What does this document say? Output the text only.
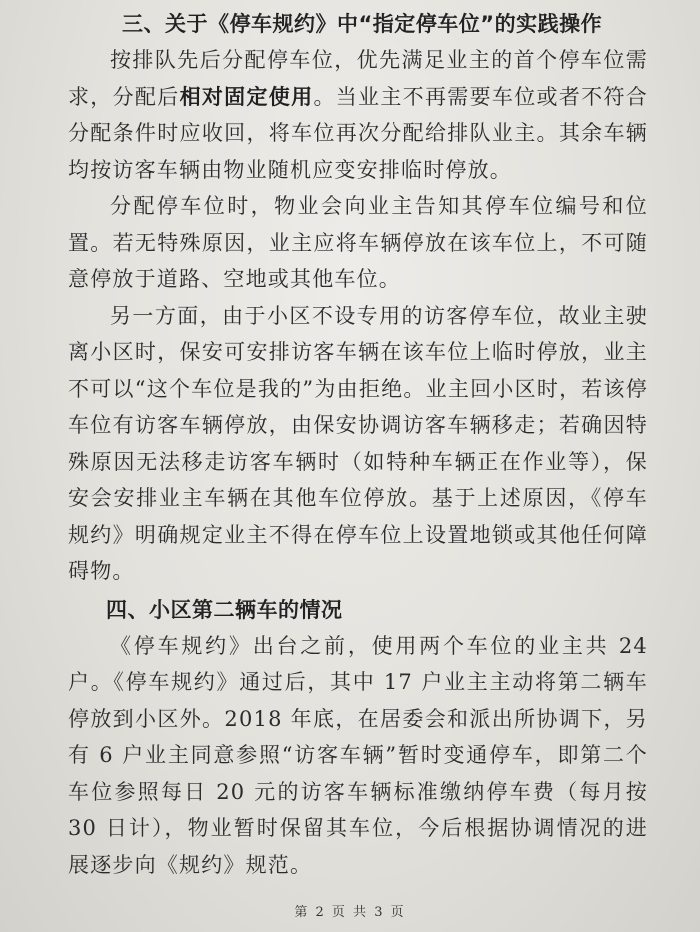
三、关于《停车规约》中“指定停车位”的实践操作

按排队先后分配停车位，优先满足业主的首个停车位需求，分配后相对固定使用。当业主不再需要车位或者不符合分配条件时应收回，将车位再次分配给排队业主。其余车辆均按访客车辆由物业随机应变安排临时停放。

分配停车位时，物业会向业主告知其停车位编号和位置。若无特殊原因，业主应将车辆停放在该车位上，不可随意停放于道路、空地或其他车位。

另一方面，由于小区不设专用的访客停车位，故业主驶离小区时，保安可安排访客车辆在该车位上临时停放，业主不可以“这个车位是我的”为由拒绝。业主回小区时，若该停车位有访客车辆停放，由保安协调访客车辆移走；若确因特殊原因无法移走访客车辆时（如特种车辆正在作业等），保安会安排业主车辆在其他车位停放。基于上述原因，《停车规约》明确规定业主不得在停车位上设置地锁或其他任何障碍物。

四、小区第二辆车的情况

《停车规约》出台之前，使用两个车位的业主共 24 户。《停车规约》通过后，其中 17 户业主主动将第二辆车停放到小区外。2018 年底，在居委会和派出所协调下，另有 6 户业主同意参照“访客车辆”暂时变通停车，即第二个车位参照每日 20 元的访客车辆标准缴纳停车费（每月按 30 日计），物业暂时保留其车位，今后根据协调情况的进展逐步向《规约》规范。

第 2 页 共 3 页
